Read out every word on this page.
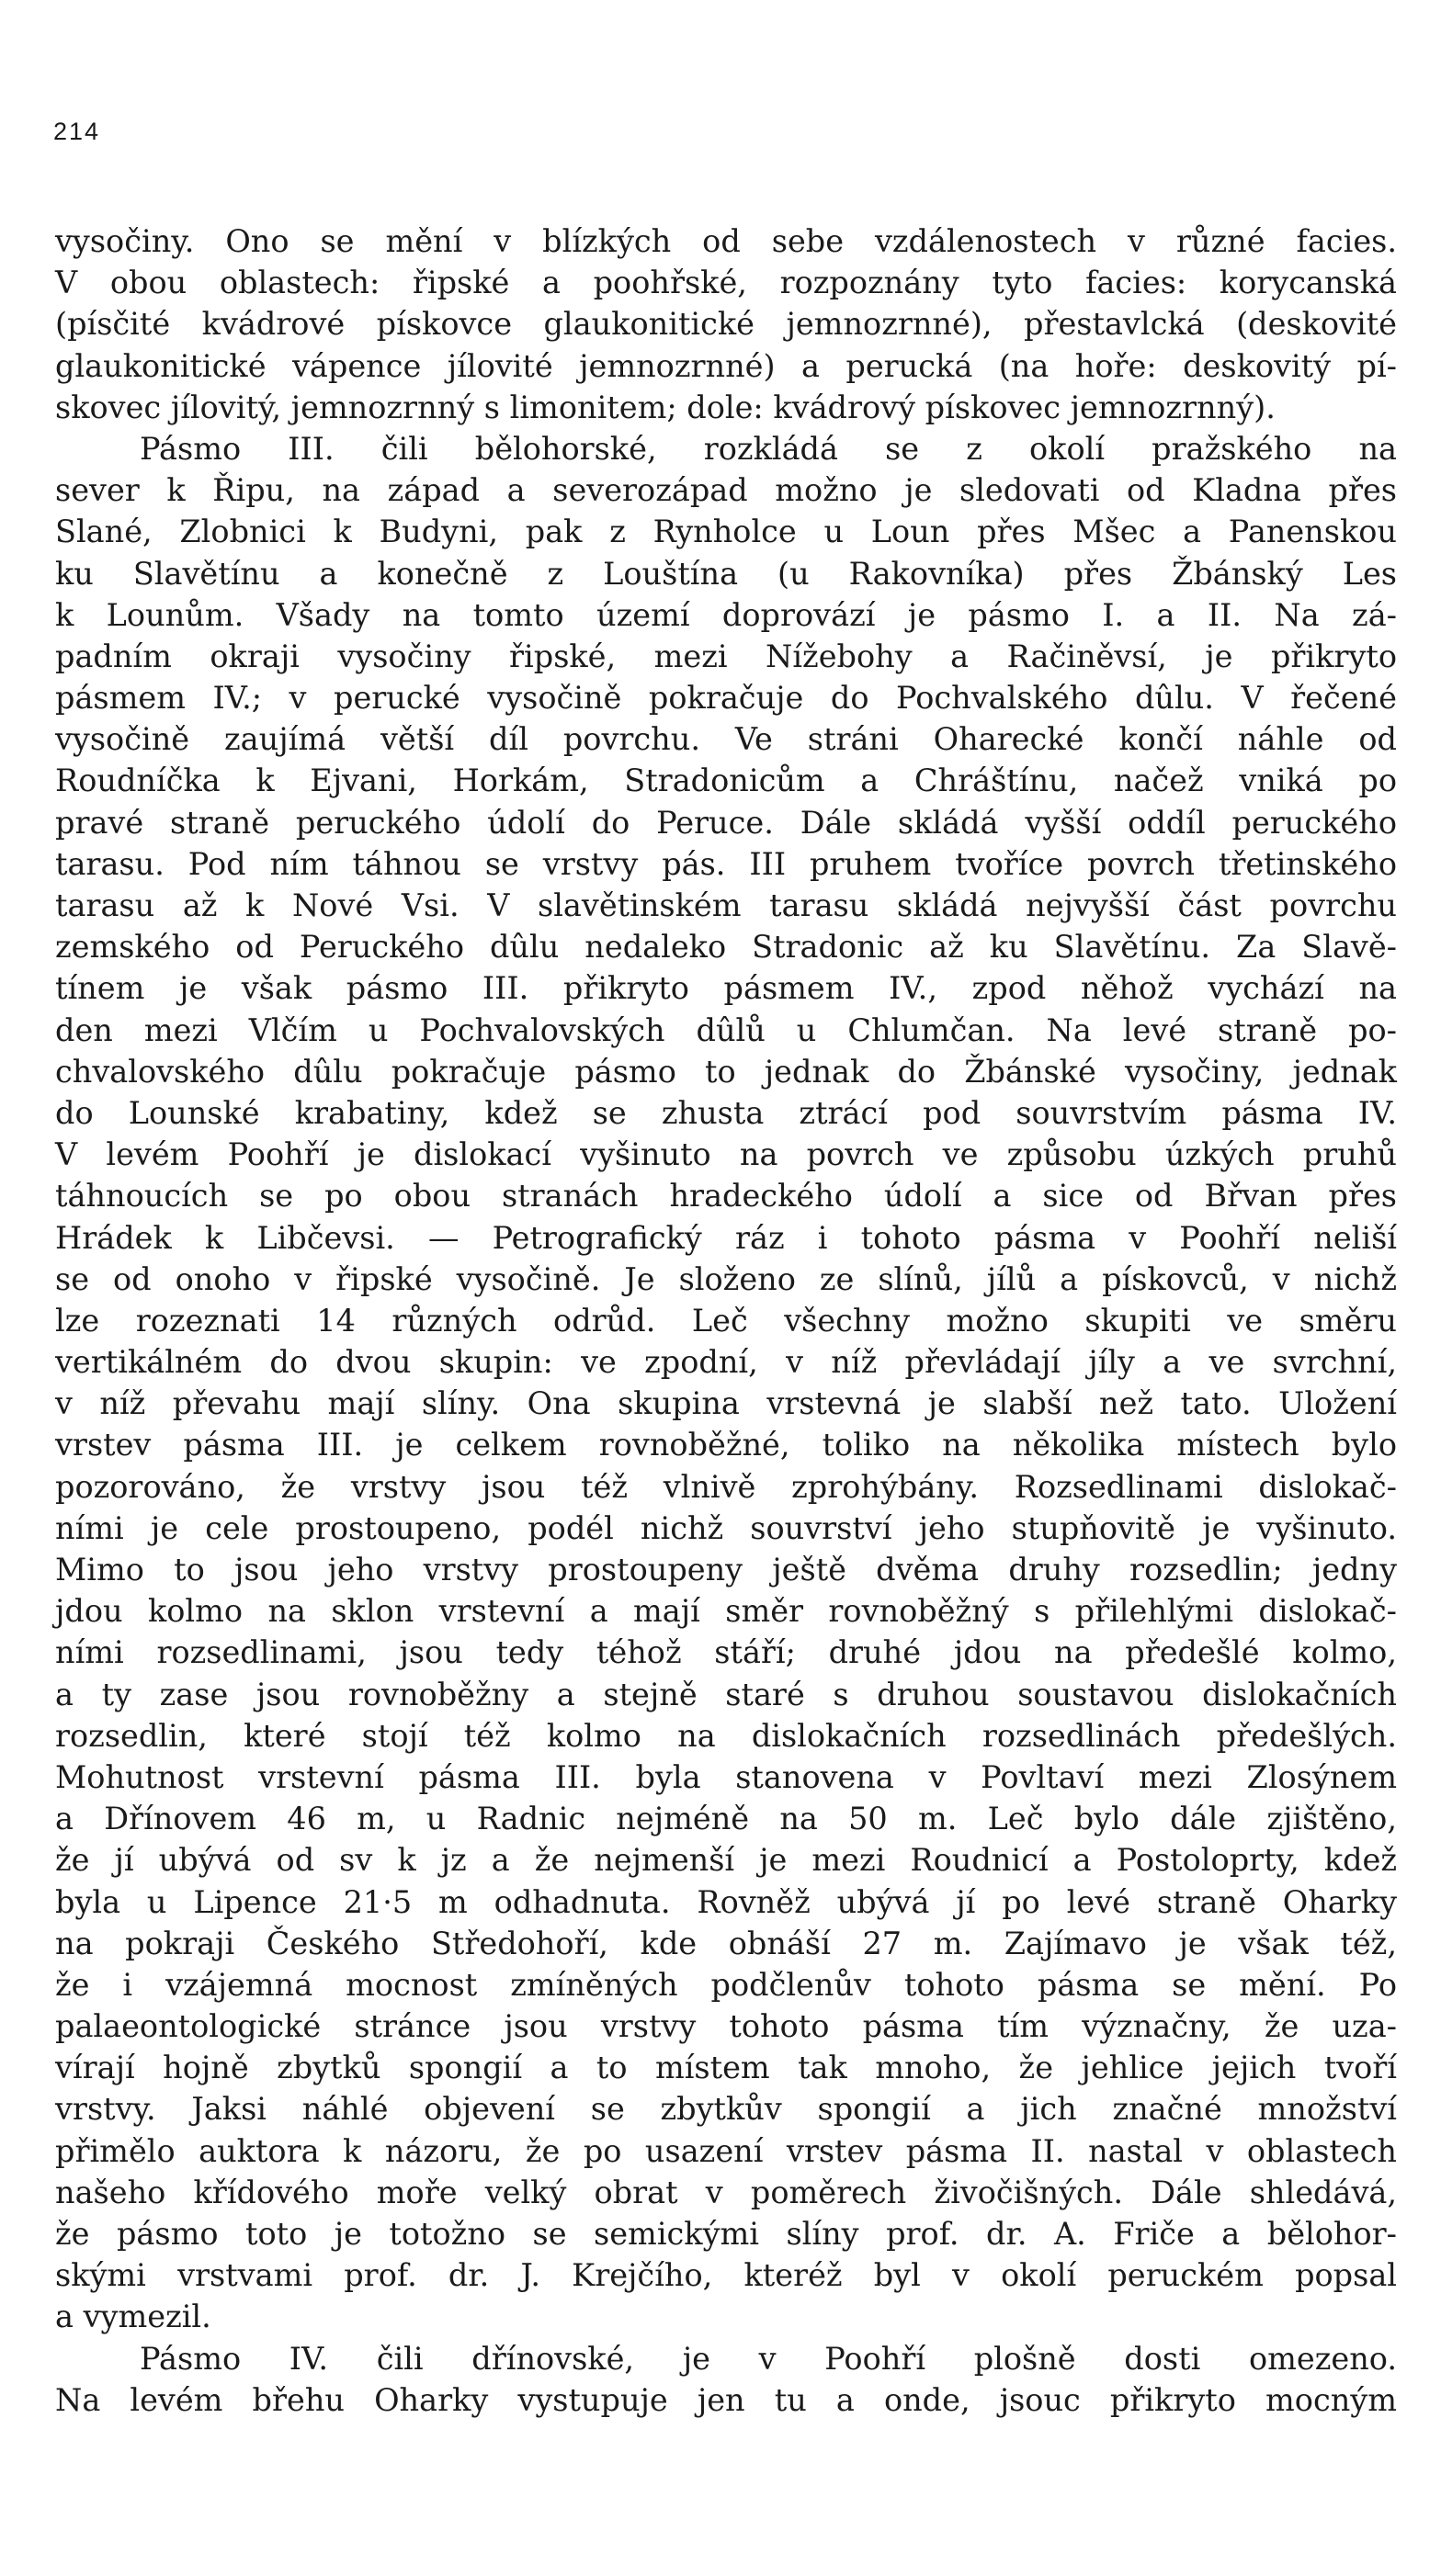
214
vysočiny. Ono se mění v blízkých od sebe vzdálenostech v různé facies.
V obou oblastech: řipské a poohřské, rozpoznány tyto facies: korycanská
(písčité kvádrové pískovce glaukonitické jemnozrnné), přestavlcká (deskovité
glaukonitické vápence jílovité jemnozrnné) a perucká (na hoře: deskovitý pí-
skovec jílovitý, jemnozrnný s limonitem; dole: kvádrový pískovec jemnozrnný).
Pásmo III. čili bělohorské, rozkládá se z okolí pražského na
sever k Řipu, na západ a severozápad možno je sledovati od Kladna přes
Slané, Zlobnici k Budyni, pak z Rynholce u Loun přes Mšec a Panenskou
ku Slavětínu a konečně z Louštína (u Rakovníka) přes Žbánský Les
k Lounům. Všady na tomto území doprovází je pásmo I. a II. Na zá-
padním okraji vysočiny řipské, mezi Nížebohy a Račiněvsí, je přikryto
pásmem IV.; v perucké vysočině pokračuje do Pochvalského dûlu. V řečené
vysočině zaujímá větší díl povrchu. Ve stráni Oharecké končí náhle od
Roudníčka k Ejvani, Horkám, Stradonicům a Chráštínu, načež vniká po
pravé straně peruckého údolí do Peruce. Dále skládá vyšší oddíl peruckého
tarasu. Pod ním táhnou se vrstvy pás. III pruhem tvoříce povrch třetinského
tarasu až k Nové Vsi. V slavětinském tarasu skládá nejvyšší část povrchu
zemského od Peruckého dûlu nedaleko Stradonic až ku Slavětínu. Za Slavě-
tínem je však pásmo III. přikryto pásmem IV., zpod něhož vychází na
den mezi Vlčím u Pochvalovských dûlů u Chlumčan. Na levé straně po-
chvalovského dûlu pokračuje pásmo to jednak do Žbánské vysočiny, jednak
do Lounské krabatiny, kdež se zhusta ztrácí pod souvrstvím pásma IV.
V levém Poohří je dislokací vyšinuto na povrch ve způsobu úzkých pruhů
táhnoucích se po obou stranách hradeckého údolí a sice od Břvan přes
Hrádek k Libčevsi. — Petrografický ráz i tohoto pásma v Poohří neliší
se od onoho v řipské vysočině. Je složeno ze slínů, jílů a pískovců, v nichž
lze rozeznati 14 různých odrůd. Leč všechny možno skupiti ve směru
vertikálném do dvou skupin: ve zpodní, v níž převládají jíly a ve svrchní,
v níž převahu mají slíny. Ona skupina vrstevná je slabší než tato. Uložení
vrstev pásma III. je celkem rovnoběžné, toliko na několika místech bylo
pozorováno, že vrstvy jsou též vlnivě zprohýbány. Rozsedlinami dislokač-
ními je cele prostoupeno, podél nichž souvrství jeho stupňovitě je vyšinuto.
Mimo to jsou jeho vrstvy prostoupeny ještě dvěma druhy rozsedlin; jedny
jdou kolmo na sklon vrstevní a mají směr rovnoběžný s přilehlými dislokač-
ními rozsedlinami, jsou tedy téhož stáří; druhé jdou na předešlé kolmo,
a ty zase jsou rovnoběžny a stejně staré s druhou soustavou dislokačních
rozsedlin, které stojí též kolmo na dislokačních rozsedlinách předešlých.
Mohutnost vrstevní pásma III. byla stanovena v Povltaví mezi Zlosýnem
a Dřínovem 46 m, u Radnic nejméně na 50 m. Leč bylo dále zjištěno,
že jí ubývá od sv k jz a že nejmenší je mezi Roudnicí a Postoloprty, kdež
byla u Lipence 21·5 m odhadnuta. Rovněž ubývá jí po levé straně Oharky
na pokraji Českého Středohoří, kde obnáší 27 m. Zajímavo je však též,
že i vzájemná mocnost zmíněných podčlenův tohoto pásma se mění. Po
palaeontologické stránce jsou vrstvy tohoto pásma tím význačny, že uza-
vírají hojně zbytků spongií a to místem tak mnoho, že jehlice jejich tvoří
vrstvy. Jaksi náhlé objevení se zbytkův spongií a jich značné množství
přimělo auktora k názoru, že po usazení vrstev pásma II. nastal v oblastech
našeho křídového moře velký obrat v poměrech živočišných. Dále shledává,
že pásmo toto je totožno se semickými slíny prof. dr. A. Friče a bělohor-
skými vrstvami prof. dr. J. Krejčího, kteréž byl v okolí peruckém popsal
a vymezil.
Pásmo IV. čili dřínovské, je v Poohří plošně dosti omezeno.
Na levém břehu Oharky vystupuje jen tu a onde, jsouc přikryto mocným
